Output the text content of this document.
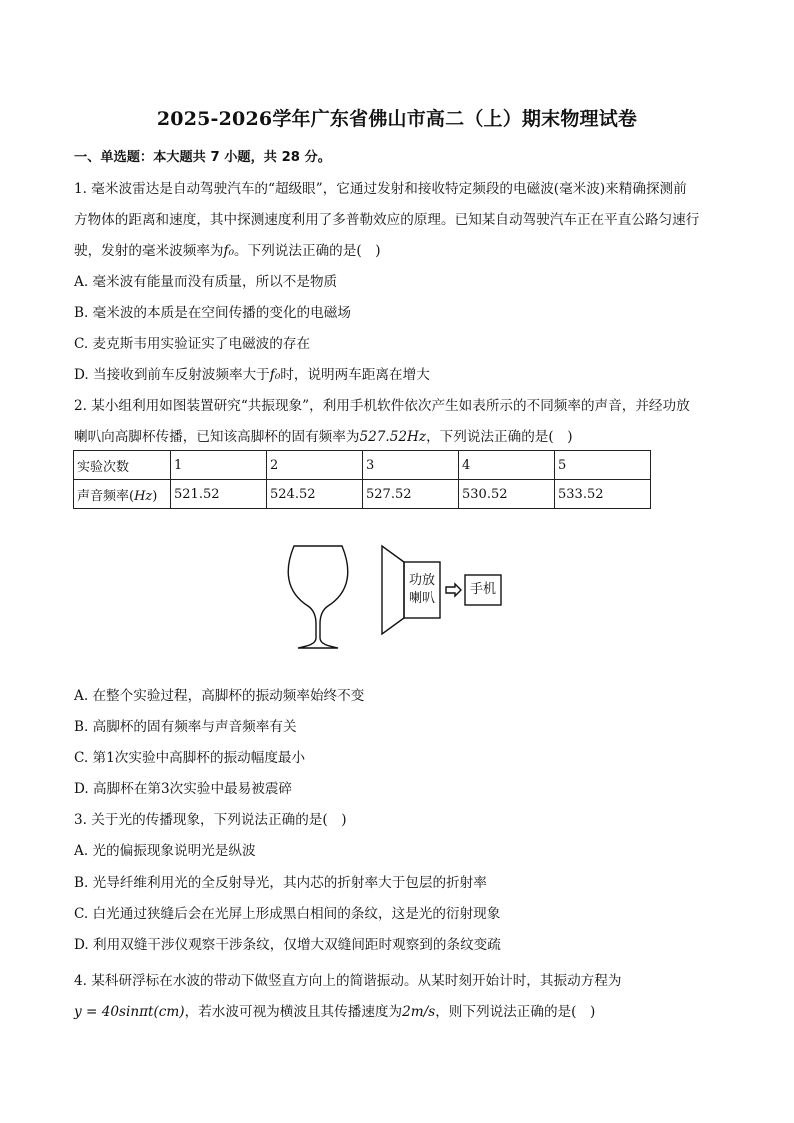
2025-2026学年广东省佛山市高二（上）期末物理试卷
一、单选题：本大题共 7 小题，共 28 分。
1. 毫米波雷达是自动驾驶汽车的“超级眼”，它通过发射和接收特定频段的电磁波(毫米波)来精确探测前
方物体的距离和速度，其中探测速度利用了多普勒效应的原理。已知某自动驾驶汽车正在平直公路匀速行
驶，发射的毫米波频率为f₀。下列说法正确的是(　)
A. 毫米波有能量而没有质量，所以不是物质
B. 毫米波的本质是在空间传播的变化的电磁场
C. 麦克斯韦用实验证实了电磁波的存在
D. 当接收到前车反射波频率大于f₀时，说明两车距离在增大
2. 某小组利用如图装置研究“共振现象”，利用手机软件依次产生如表所示的不同频率的声音，并经功放
喇叭向高脚杯传播，已知该高脚杯的固有频率为527.52Hz，下列说法正确的是(　)
实验次数	1	2	3	4	5
声音频率(Hz)	521.52	524.52	527.52	530.52	533.52
功放
喇叭
手机
A. 在整个实验过程，高脚杯的振动频率始终不变
B. 高脚杯的固有频率与声音频率有关
C. 第1次实验中高脚杯的振动幅度最小
D. 高脚杯在第3次实验中最易被震碎
3. 关于光的传播现象，下列说法正确的是(　)
A. 光的偏振现象说明光是纵波
B. 光导纤维利用光的全反射导光，其内芯的折射率大于包层的折射率
C. 白光通过狭缝后会在光屏上形成黑白相间的条纹，这是光的衍射现象
D. 利用双缝干涉仪观察干涉条纹，仅增大双缝间距时观察到的条纹变疏
4. 某科研浮标在水波的带动下做竖直方向上的简谐振动。从某时刻开始计时，其振动方程为
y = 40sinπt(cm)，若水波可视为横波且其传播速度为2m/s，则下列说法正确的是(　)
